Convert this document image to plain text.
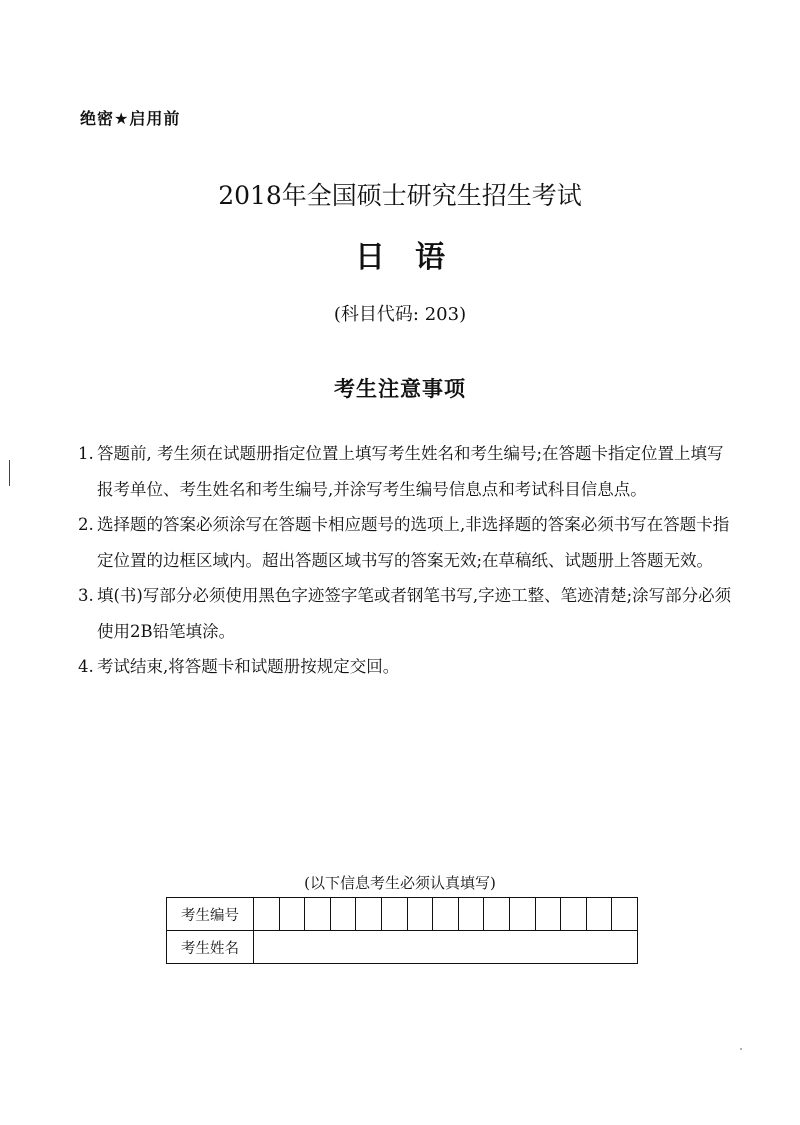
绝密★启用前
2018年全国硕士研究生招生考试
日语
(科目代码: 203)
考生注意事项
1. 答题前, 考生须在试题册指定位置上填写考生姓名和考生编号;在答题卡指定位置上填写报考单位、考生姓名和考生编号,并涂写考生编号信息点和考试科目信息点。
2. 选择题的答案必须涂写在答题卡相应题号的选项上,非选择题的答案必须书写在答题卡指定位置的边框区域内。超出答题区域书写的答案无效;在草稿纸、试题册上答题无效。
3. 填(书)写部分必须使用黑色字迹签字笔或者钢笔书写,字迹工整、笔迹清楚;涂写部分必须使用2B铅笔填涂。
4. 考试结束,将答题卡和试题册按规定交回。
(以下信息考生必须认真填写)
考生编号															
考生姓名															
